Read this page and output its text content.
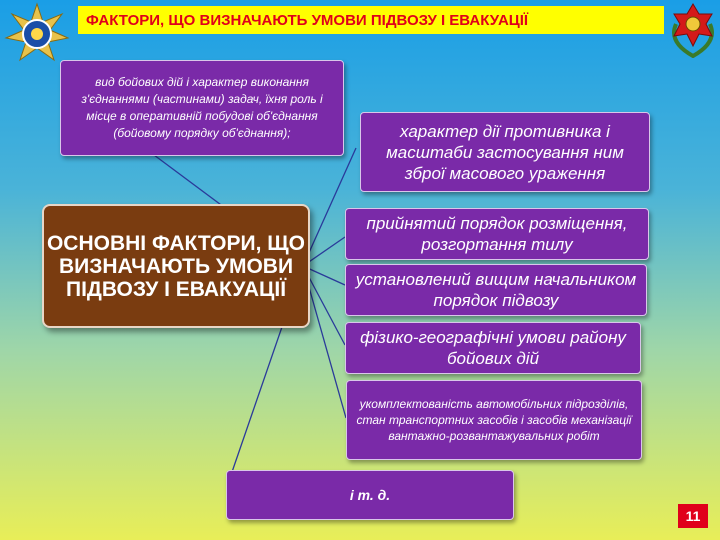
ФАКТОРИ, ЩО ВИЗНАЧАЮТЬ УМОВИ ПІДВОЗУ І ЕВАКУАЦІЇ
вид бойових дій і характер виконання з'єднаннями (частинами) задач, їхня роль і місце в оперативній побудові об'єднання (бойовому порядку об'єднання);	характер дії противника і масштаби застосування ним зброї масового ураження
прийнятий порядок розміщення, розгортання тилу
установлений вищим начальником порядок підвозу
фізико-географічні умови району бойових дій
укомплектованість автомобільних підрозділів, стан транспортних засобів і засобів механізації вантажно-розвантажувальних робіт
і т. д.
ОСНОВНІ ФАКТОРИ, ЩО ВИЗНАЧАЮТЬ УМОВИ ПІДВОЗУ І ЕВАКУАЦІЇ
11
